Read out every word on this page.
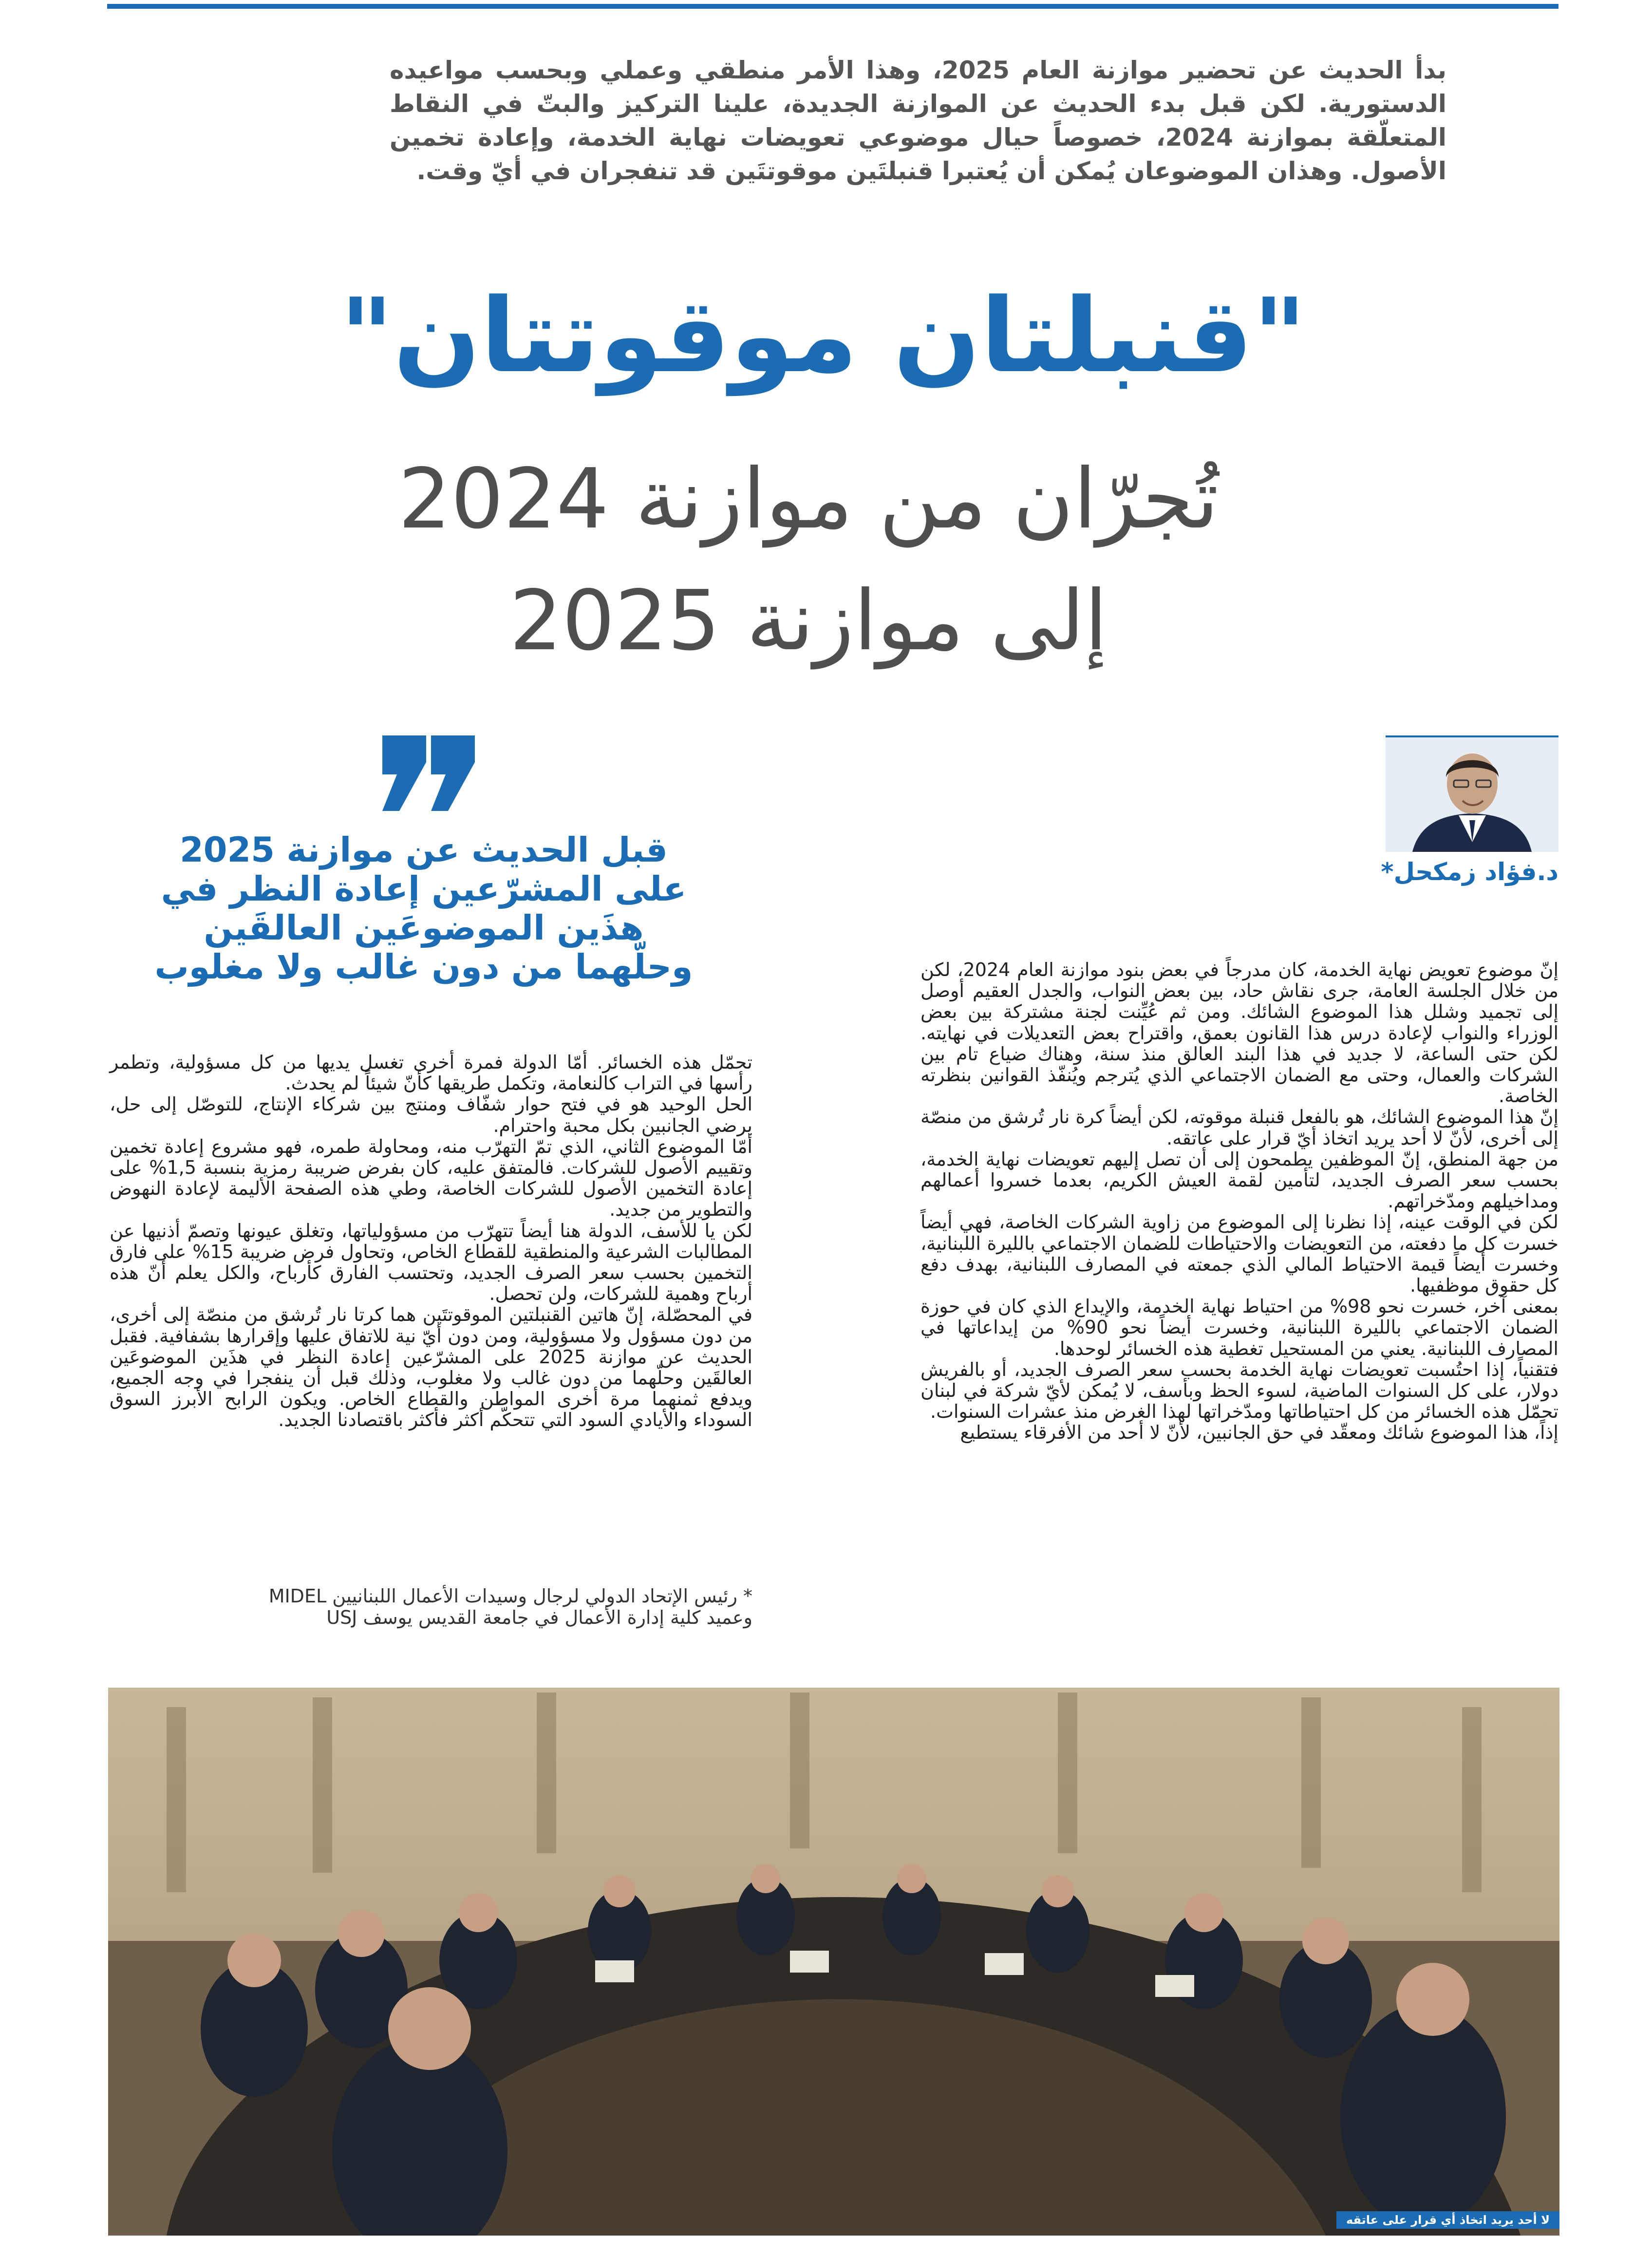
بدأ الحديث عن تحضير موازنة العام 2025، وهذا الأمر منطقي وعملي وبحسب مواعيده الدستورية. لكن قبل بدء الحديث عن الموازنة الجديدة، علينا التركيز والبتّ في النقاط المتعلّقة بموازنة 2024، خصوصاً حيال موضوعي تعويضات نهاية الخدمة، وإعادة تخمين الأصول. وهذان الموضوعان يُمكن أن يُعتبرا قنبلتَين موقوتتَين قد تنفجران في أيّ وقت.
"قنبلتان موقوتتان"
تُجرّان من موازنة 2024
إلى موازنة 2025
قبل الحديث عن موازنة 2025 على المشرّعين إعادة النظر في هذَين الموضوعَين العالقَين وحلّهما من دون غالب ولا مغلوب
د.فؤاد زمكحل*

إنّ موضوع تعويض نهاية الخدمة، كان مدرجاً في بعض بنود موازنة العام 2024، لكن من خلال الجلسة العامة، جرى نقاش حاد، بين بعض النواب، والجدل العقيم أوصل إلى تجميد وشلل هذا الموضوع الشائك. ومن ثم عُيِّنت لجنة مشتركة بين بعض الوزراء والنواب لإعادة درس هذا القانون بعمق، واقتراح بعض التعديلات في نهايته. لكن حتى الساعة، لا جديد في هذا البند العالق منذ سنة، وهناك ضياع تام بين الشركات والعمال، وحتى مع الضمان الاجتماعي الذي يُترجم ويُنفّذ القوانين بنظرته الخاصة.

إنّ هذا الموضوع الشائك، هو بالفعل قنبلة موقوته، لكن أيضاً كرة نار تُرشق من منصّة إلى أخرى، لأنّ لا أحد يريد اتخاذ أيّ قرار على عاتقه.

من جهة المنطق، إنّ الموظفين يطمحون إلى أن تصل إليهم تعويضات نهاية الخدمة، بحسب سعر الصرف الجديد، لتأمين لقمة العيش الكريم، بعدما خسروا أعمالهم ومداخيلهم ومدّخراتهم.

لكن في الوقت عينه، إذا نظرنا إلى الموضوع من زاوية الشركات الخاصة، فهي أيضاً خسرت كل ما دفعته، من التعويضات والاحتياطات للضمان الاجتماعي بالليرة اللبنانية، وخسرت أيضاً قيمة الاحتياط المالي الذي جمعته في المصارف اللبنانية، بهدف دفع كل حقوق موظفيها.

بمعنى آخر، خسرت نحو 98% من احتياط نهاية الخدمة، والإيداع الذي كان في حوزة الضمان الاجتماعي بالليرة اللبنانية، وخسرت أيضاً نحو 90% من إيداعاتها في المصارف اللبنانية. يعني من المستحيل تغطية هذه الخسائر لوحدها.

فتقنياً، إذا احتُسبت تعويضات نهاية الخدمة بحسب سعر الصرف الجديد، أو بالفريش دولار، على كل السنوات الماضية، لسوء الحظ وبأسف، لا يُمكن لأيّ شركة في لبنان تحمّل هذه الخسائر من كل احتياطاتها ومدّخراتها لهذا الغرض منذ عشرات السنوات.

إذاً، هذا الموضوع شائك ومعقّد في حق الجانبين، لأنّ لا أحد من الأفرقاء يستطيع

تحمّل هذه الخسائر. أمّا الدولة فمرة أخرى تغسل يديها من كل مسؤولية، وتطمر رأسها في التراب كالنعامة، وتكمل طريقها كأنّ شيئاً لم يحدث.

الحل الوحيد هو في فتح حوار شفّاف ومنتج بين شركاء الإنتاج، للتوصّل إلى حل، يرضي الجانبين بكل محبة واحترام.

أمّا الموضوع الثاني، الذي تمّ التهرّب منه، ومحاولة طمره، فهو مشروع إعادة تخمين وتقييم الأصول للشركات. فالمتفق عليه، كان بفرض ضريبة رمزية بنسبة 1,5% على إعادة التخمين الأصول للشركات الخاصة، وطي هذه الصفحة الأليمة لإعادة النهوض والتطوير من جديد.

لكن يا للأسف، الدولة هنا أيضاً تتهرّب من مسؤولياتها، وتغلق عيونها وتصمّ أذنيها عن المطالبات الشرعية والمنطقية للقطاع الخاص، وتحاول فرض ضريبة 15% على فارق التخمين بحسب سعر الصرف الجديد، وتحتسب الفارق كأرباح، والكل يعلم أنّ هذه أرباح وهمية للشركات، ولن تحصل.

في المحصّلة، إنّ هاتين القنبلتين الموقوتتَين هما كرتا نار تُرشق من منصّة إلى أخرى، من دون مسؤول ولا مسؤولية، ومن دون أيّ نية للاتفاق عليها وإقرارها بشفافية. فقبل الحديث عن موازنة 2025 على المشرّعين إعادة النظر في هذَين الموضوعَين العالقَين وحلّهما من دون غالب ولا مغلوب، وذلك قبل أن ينفجرا في وجه الجميع، ويدفع ثمنهما مرة أخرى المواطن والقطاع الخاص. ويكون الرابح الأبرز السوق السوداء والأيادي السود التي تتحكّم أكثر فأكثر باقتصادنا الجديد.

* رئيس الإتحاد الدولي لرجال وسيدات الأعمال اللبنانيين MIDEL
وعميد كلية إدارة الأعمال في جامعة القديس يوسف USJ
لا أحد يريد اتخاذ أي قرار على عاتقه
